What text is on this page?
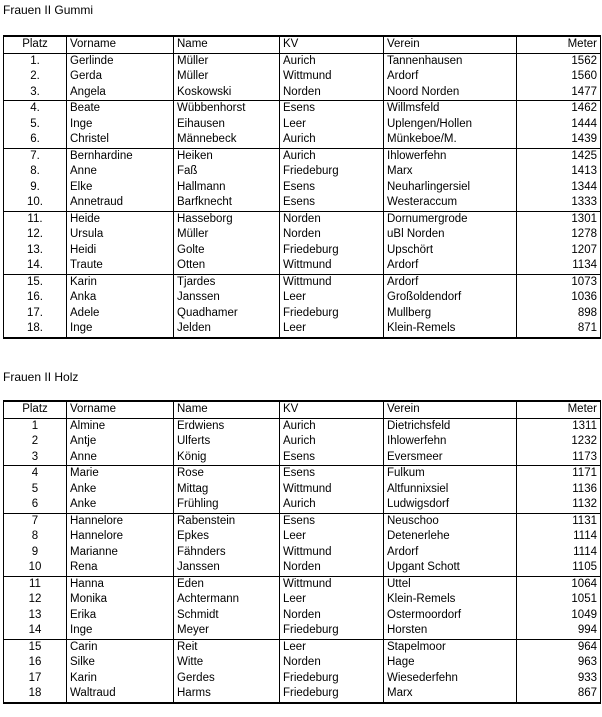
Frauen II Gummi
Platz	Vorname	Name	KV	Verein	Meter
1.	Gerlinde	Müller	Aurich	Tannenhausen	1562
2.	Gerda	Müller	Wittmund	Ardorf	1560
3.	Angela	Koskowski	Norden	Noord Norden	1477
4.	Beate	Wübbenhorst	Esens	Willmsfeld	1462
5.	Inge	Eihausen	Leer	Uplengen/Hollen	1444
6.	Christel	Männebeck	Aurich	Münkeboe/M.	1439
7.	Bernhardine	Heiken	Aurich	Ihlowerfehn	1425
8.	Anne	Faß	Friedeburg	Marx	1413
9.	Elke	Hallmann	Esens	Neuharlingersiel	1344
10.	Annetraud	Barfknecht	Esens	Westeraccum	1333
11.	Heide	Hasseborg	Norden	Dornumergrode	1301
12.	Ursula	Müller	Norden	uBl Norden	1278
13.	Heidi	Golte	Friedeburg	Upschört	1207
14.	Traute	Otten	Wittmund	Ardorf	1134
15.	Karin	Tjardes	Wittmund	Ardorf	1073
16.	Anka	Janssen	Leer	Großoldendorf	1036
17.	Adele	Quadhamer	Friedeburg	Mullberg	898
18.	Inge	Jelden	Leer	Klein-Remels	871
Frauen II Holz
Platz	Vorname	Name	KV	Verein	Meter
1	Almine	Erdwiens	Aurich	Dietrichsfeld	1311
2	Antje	Ulferts	Aurich	Ihlowerfehn	1232
3	Anne	König	Esens	Eversmeer	1173
4	Marie	Rose	Esens	Fulkum	1171
5	Anke	Mittag	Wittmund	Altfunnixsiel	1136
6	Anke	Frühling	Aurich	Ludwigsdorf	1132
7	Hannelore	Rabenstein	Esens	Neuschoo	1131
8	Hannelore	Epkes	Leer	Detenerlehe	1114
9	Marianne	Fähnders	Wittmund	Ardorf	1114
10	Rena	Janssen	Norden	Upgant Schott	1105
11	Hanna	Eden	Wittmund	Uttel	1064
12	Monika	Achtermann	Leer	Klein-Remels	1051
13	Erika	Schmidt	Norden	Ostermoordorf	1049
14	Inge	Meyer	Friedeburg	Horsten	994
15	Carin	Reit	Leer	Stapelmoor	964
16	Silke	Witte	Norden	Hage	963
17	Karin	Gerdes	Friedeburg	Wiesederfehn	933
18	Waltraud	Harms	Friedeburg	Marx	867
